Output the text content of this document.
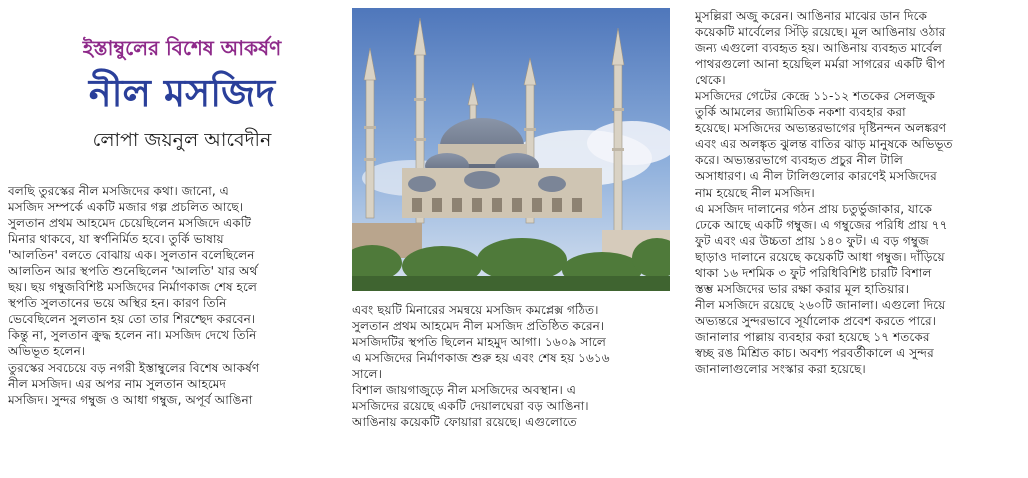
ইস্তাম্বুলের বিশেষ আকর্ষণ
নীল মসজিদ
লোপা জয়নুল আবেদীন
বলছি তুরস্কের নীল মসজিদের কথা। জানো, এ
মসজিদ সম্পর্কে একটি মজার গল্প প্রচলিত আছে।
সুলতান প্রথম আহমেদ চেয়েছিলেন মসজিদে একটি
মিনার থাকবে, যা স্বর্ণনির্মিত হবে। তুর্কি ভাষায়
'আলতিন' বলতে বোঝায় এক। সুলতান বলেছিলেন
আলতিন আর স্থপতি শুনেছিলেন 'আলতি' যার অর্থ
ছয়। ছয় গম্বুজবিশিষ্ট মসজিদের নির্মাণকাজ শেষ হলে
স্থপতি সুলতানের ভয়ে অস্থির হন। কারণ তিনি
ভেবেছিলেন সুলতান হয় তো তার শিরশ্ছেদ করবেন।
কিন্তু না, সুলতান ক্রুদ্ধ হলেন না। মসজিদ দেখে তিনি
অভিভূত হলেন।
তুরস্কের সবচেয়ে বড় নগরী ইস্তাম্বুলের বিশেষ আকর্ষণ
নীল মসজিদ। এর অপর নাম সুলতান আহমেদ
মসজিদ। সুন্দর গম্বুজ ও আধা গম্বুজ, অপূর্ব আঙিনা
এবং ছয়টি মিনারের সমন্বয়ে মসজিদ কমপ্লেক্স গঠিত।
সুলতান প্রথম আহমেদ নীল মসজিদ প্রতিষ্ঠিত করেন।
মসজিদটির স্থপতি ছিলেন মাহমুদ আগা। ১৬০৯ সালে
এ মসজিদের নির্মাণকাজ শুরু হয় এবং শেষ হয় ১৬১৬
সালে।
বিশাল জায়গাজুড়ে নীল মসজিদের অবস্থান। এ
মসজিদের রয়েছে একটি দেয়ালঘেরা বড় আঙিনা।
আঙিনায় কয়েকটি ফোয়ারা রয়েছে। এগুলোতে
মুসল্লিরা অজু করেন। আঙিনার মাঝের ডান দিকে
কয়েকটি মার্বেলের সিঁড়ি রয়েছে। মূল আঙিনায় ওঠার
জন্য এগুলো ব্যবহৃত হয়। আঙিনায় ব্যবহৃত মার্বেল
পাথরগুলো আনা হয়েছিল মর্মরা সাগরের একটি দ্বীপ
থেকে।
মসজিদের গেটের কেন্দ্রে ১১-১২ শতকের সেলজুক
তুর্কি আমলের জ্যামিতিক নকশা ব্যবহার করা
হয়েছে। মসজিদের অভ্যন্তরভাগের দৃষ্টিনন্দন অলঙ্করণ
এবং এর অলঙ্কৃত ঝুলন্ত বাতির ঝাড় মানুষকে অভিভূত
করে। অভ্যন্তরভাগে ব্যবহৃত প্রচুর নীল টালি
অসাধারণ। এ নীল টালিগুলোর কারণেই মসজিদের
নাম হয়েছে নীল মসজিদ।
এ মসজিদ দালানের গঠন প্রায় চতুর্ভুজাকার, যাকে
ঢেকে আছে একটি গম্বুজ। এ গম্বুজের পরিধি প্রায় ৭৭
ফুট এবং এর উচ্চতা প্রায় ১৪০ ফুট। এ বড় গম্বুজ
ছাড়াও দালানে রয়েছে কয়েকটি আধা গম্বুজ। দাঁড়িয়ে
থাকা ১৬ দশমিক ৩ ফুট পরিধিবিশিষ্ট চারটি বিশাল
স্তম্ভ মসজিদের ভার রক্ষা করার মূল হাতিয়ার।
নীল মসজিদে রয়েছে ২৬০টি জানালা। এগুলো দিয়ে
অভ্যন্তরে সুন্দরভাবে সূর্যালোক প্রবেশ করতে পারে।
জানালার পাল্লায় ব্যবহার করা হয়েছে ১৭ শতকের
স্বচ্ছ রঙ মিশ্রিত কাচ। অবশ্য পরবর্তীকালে এ সুন্দর
জানালাগুলোর সংস্কার করা হয়েছে।
